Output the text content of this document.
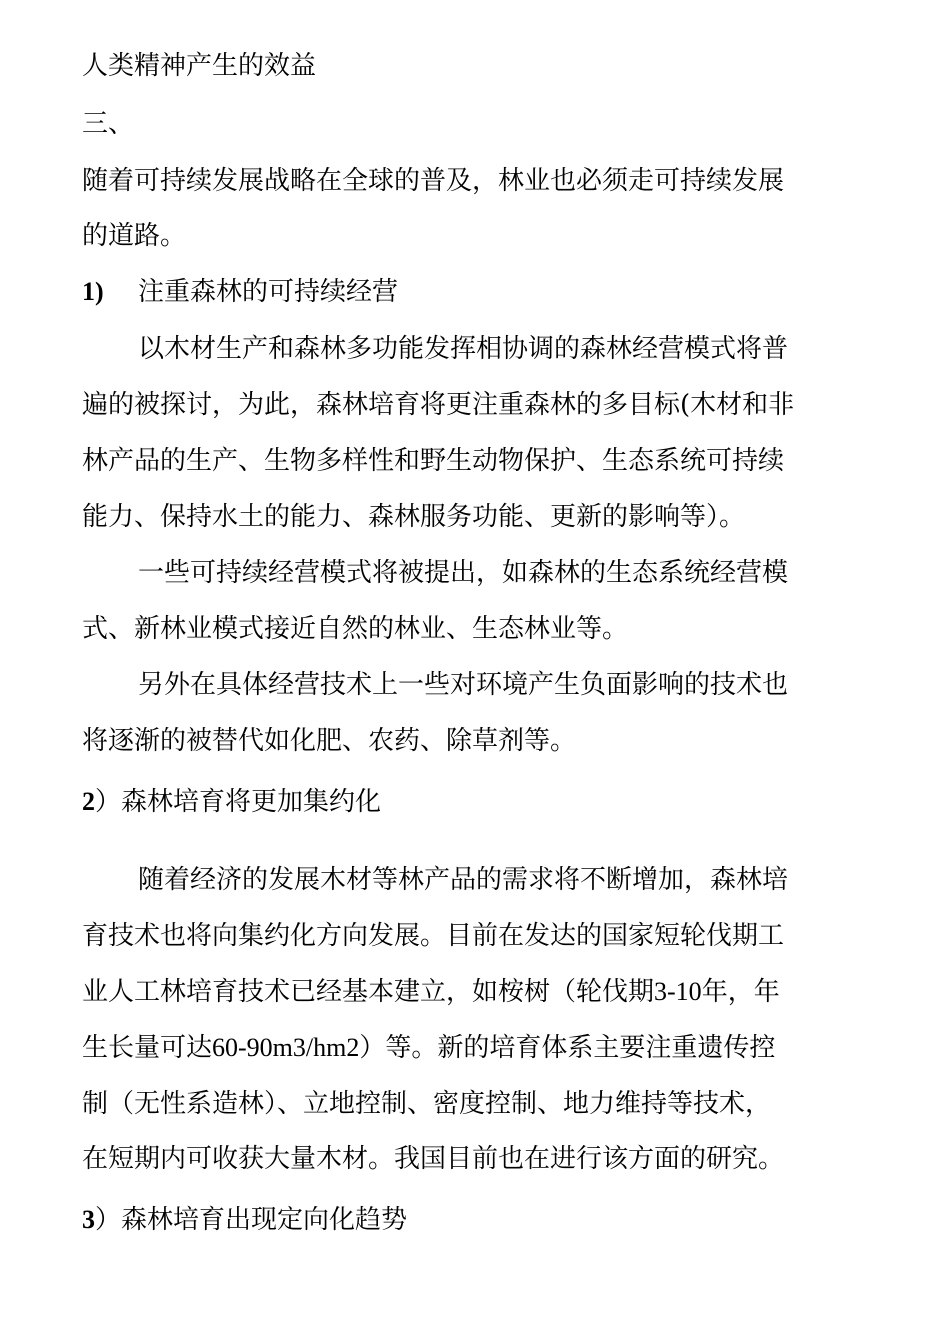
人类精神产生的效益
三、
随着可持续发展战略在全球的普及，林业也必须走可持续发展
的道路。
1) 注重森林的可持续经营
以木材生产和森林多功能发挥相协调的森林经营模式将普
遍的被探讨，为此，森林培育将更注重森林的多目标(木材和非
林产品的生产、生物多样性和野生动物保护、生态系统可持续
能力、保持水土的能力、森林服务功能、更新的影响等）。
一些可持续经营模式将被提出，如森林的生态系统经营模
式、新林业模式接近自然的林业、生态林业等。
另外在具体经营技术上一些对环境产生负面影响的技术也
将逐渐的被替代如化肥、农药、除草剂等。
2）森林培育将更加集约化
随着经济的发展木材等林产品的需求将不断增加，森林培
育技术也将向集约化方向发展。目前在发达的国家短轮伐期工
业人工林培育技术已经基本建立，如桉树（轮伐期3-10年，年
生长量可达60-90m3/hm2）等。新的培育体系主要注重遗传控
制（无性系造林）、立地控制、密度控制、地力维持等技术，
在短期内可收获大量木材。我国目前也在进行该方面的研究。
3）森林培育出现定向化趋势
